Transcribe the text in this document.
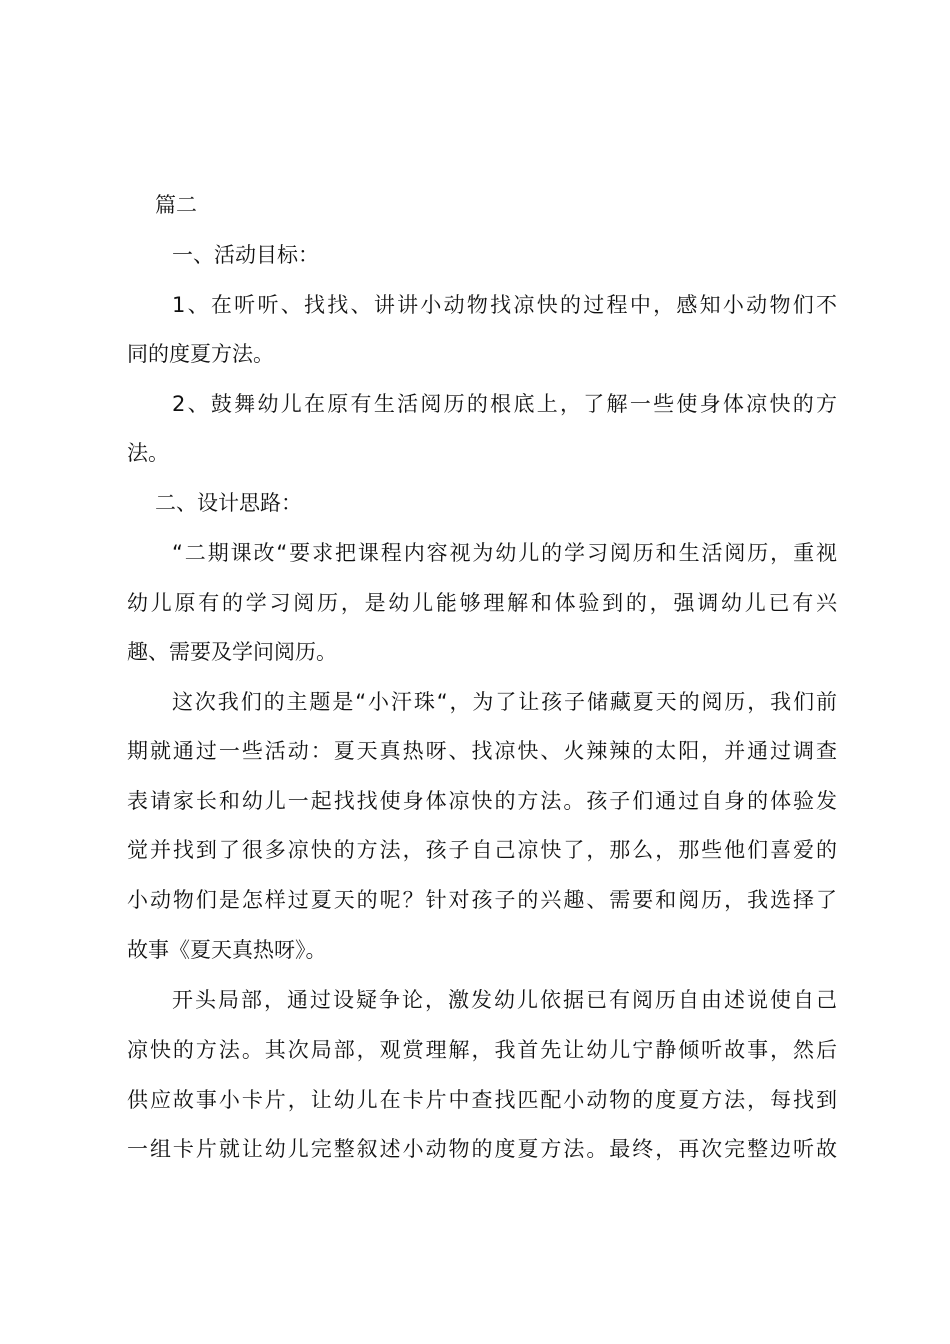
篇二
一、活动目标：
1、在听听、找找、讲讲小动物找凉快的过程中，感知小动物们不
同的度夏方法。
2、鼓舞幼儿在原有生活阅历的根底上，了解一些使身体凉快的方
法。
二、设计思路：
“二期课改“要求把课程内容视为幼儿的学习阅历和生活阅历，重视
幼儿原有的学习阅历，是幼儿能够理解和体验到的，强调幼儿已有兴
趣、需要及学问阅历。
这次我们的主题是“小汗珠“，为了让孩子储藏夏天的阅历，我们前
期就通过一些活动：夏天真热呀、找凉快、火辣辣的太阳，并通过调查
表请家长和幼儿一起找找使身体凉快的方法。孩子们通过自身的体验发
觉并找到了很多凉快的方法，孩子自己凉快了，那么，那些他们喜爱的
小动物们是怎样过夏天的呢？针对孩子的兴趣、需要和阅历，我选择了
故事《夏天真热呀》。
开头局部，通过设疑争论，激发幼儿依据已有阅历自由述说使自己
凉快的方法。其次局部，观赏理解，我首先让幼儿宁静倾听故事，然后
供应故事小卡片，让幼儿在卡片中查找匹配小动物的度夏方法，每找到
一组卡片就让幼儿完整叙述小动物的度夏方法。最终，再次完整边听故
